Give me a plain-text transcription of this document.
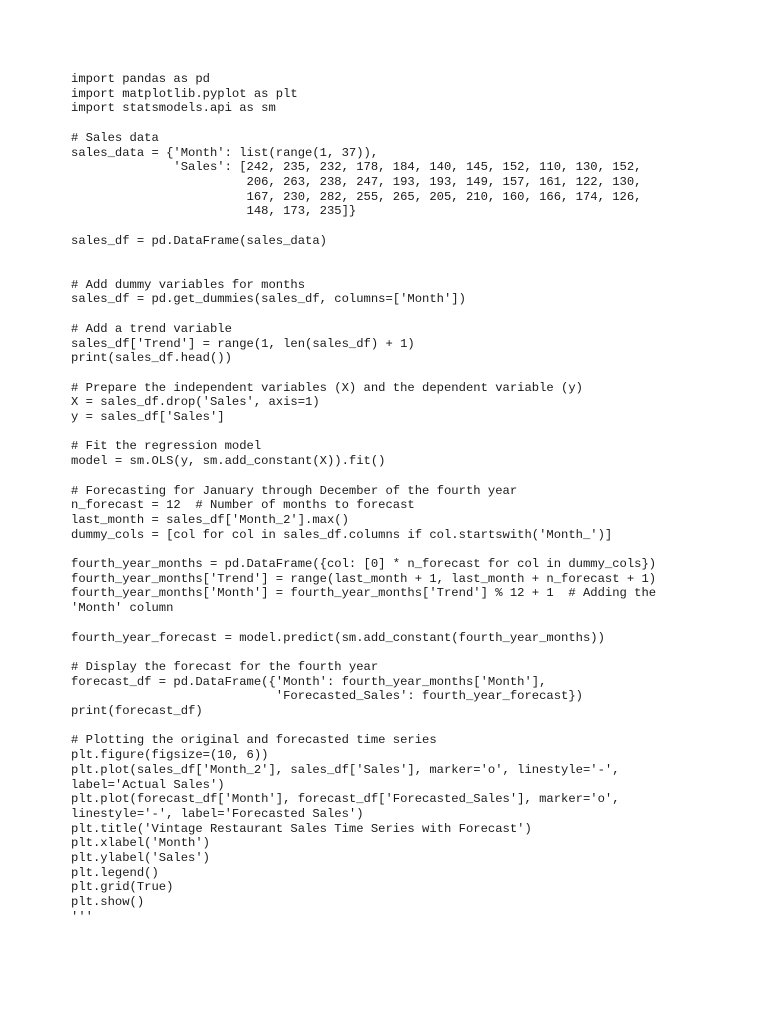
import pandas as pd
import matplotlib.pyplot as plt
import statsmodels.api as sm
# Sales data
sales_data = {'Month': list(range(1, 37)),
'Sales': [242, 235, 232, 178, 184, 140, 145, 152, 110, 130, 152,
206, 263, 238, 247, 193, 193, 149, 157, 161, 122, 130,
167, 230, 282, 255, 265, 205, 210, 160, 166, 174, 126,
148, 173, 235]}
sales_df = pd.DataFrame(sales_data)
# Add dummy variables for months
sales_df = pd.get_dummies(sales_df, columns=['Month'])
# Add a trend variable
sales_df['Trend'] = range(1, len(sales_df) + 1)
print(sales_df.head())
# Prepare the independent variables (X) and the dependent variable (y)
X = sales_df.drop('Sales', axis=1)
y = sales_df['Sales']
# Fit the regression model
model = sm.OLS(y, sm.add_constant(X)).fit()
# Forecasting for January through December of the fourth year
n_forecast = 12  # Number of months to forecast
last_month = sales_df['Month_2'].max()
dummy_cols = [col for col in sales_df.columns if col.startswith('Month_')]
fourth_year_months = pd.DataFrame({col: [0] * n_forecast for col in dummy_cols})
fourth_year_months['Trend'] = range(last_month + 1, last_month + n_forecast + 1)
fourth_year_months['Month'] = fourth_year_months['Trend'] % 12 + 1  # Adding the
'Month' column
fourth_year_forecast = model.predict(sm.add_constant(fourth_year_months))
# Display the forecast for the fourth year
forecast_df = pd.DataFrame({'Month': fourth_year_months['Month'],
'Forecasted_Sales': fourth_year_forecast})
print(forecast_df)
# Plotting the original and forecasted time series
plt.figure(figsize=(10, 6))
plt.plot(sales_df['Month_2'], sales_df['Sales'], marker='o', linestyle='-',
label='Actual Sales')
plt.plot(forecast_df['Month'], forecast_df['Forecasted_Sales'], marker='o',
linestyle='-', label='Forecasted Sales')
plt.title('Vintage Restaurant Sales Time Series with Forecast')
plt.xlabel('Month')
plt.ylabel('Sales')
plt.legend()
plt.grid(True)
plt.show()
'''
